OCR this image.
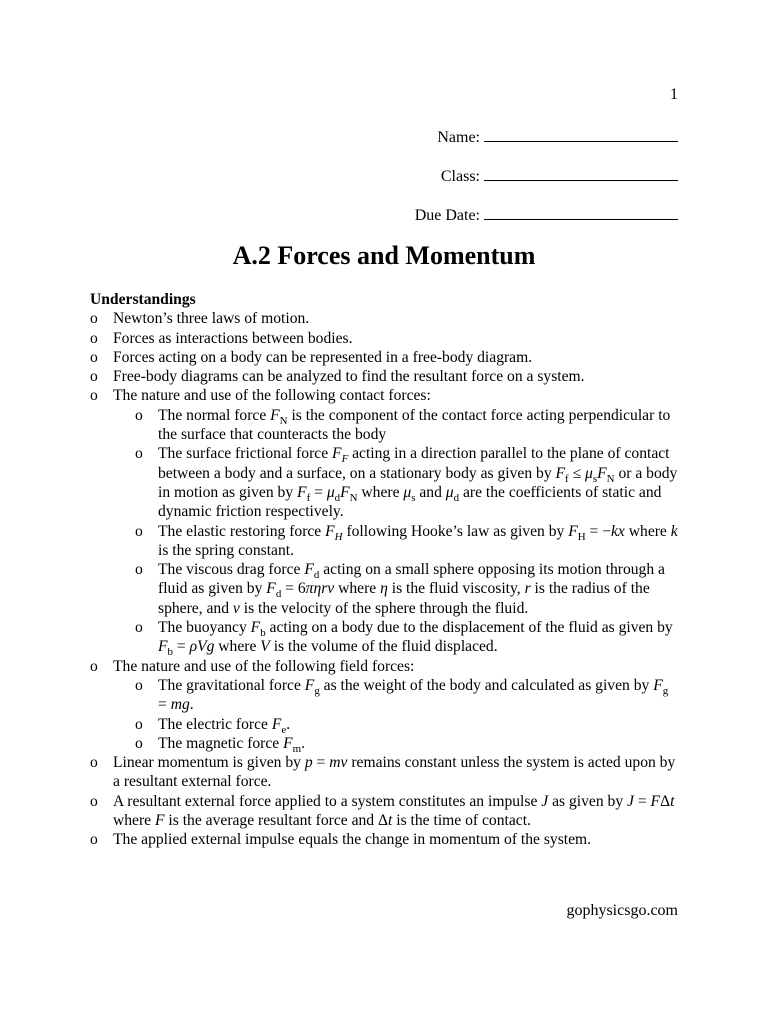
1
Name:
Class:
Due Date:
A.2 Forces and Momentum
Understandings
o Newton’s three laws of motion.
o Forces as interactions between bodies.
o Forces acting on a body can be represented in a free-body diagram.
o Free-body diagrams can be analyzed to find the resultant force on a system.
o The nature and use of the following contact forces:
o The normal force $F_N$ is the component of the contact force acting perpendicular to the surface that counteracts the body
o The surface frictional force $F_F$ acting in a direction parallel to the plane of contact between a body and a surface, on a stationary body as given by $F_f \le \mu_sF_N$ or a body in motion as given by $F_f = \mu_dF_N$ where $\mu_s$ and $\mu_d$ are the coefficients of static and dynamic friction respectively.
o The elastic restoring force $F_H$ following Hooke’s law as given by $F_H = -kx$ where k is the spring constant.
o The viscous drag force $F_d$ acting on a small sphere opposing its motion through a fluid as given by $F_d = 6\pi\eta rv$ where η is the fluid viscosity, r is the radius of the sphere, and v is the velocity of the sphere through the fluid.
o The buoyancy $F_b$ acting on a body due to the displacement of the fluid as given by $F_b = \rho Vg$ where V is the volume of the fluid displaced.
o The nature and use of the following field forces:
o The gravitational force $F_g$ as the weight of the body and calculated as given by $F_g$ = mg.
o The electric force $F_e$.
o The magnetic force $F_m$.
o Linear momentum is given by p = mv remains constant unless the system is acted upon by a resultant external force.
o A resultant external force applied to a system constitutes an impulse J as given by J = FΔt where F is the average resultant force and Δt is the time of contact.
o The applied external impulse equals the change in momentum of the system.
gophysicsgo.com
